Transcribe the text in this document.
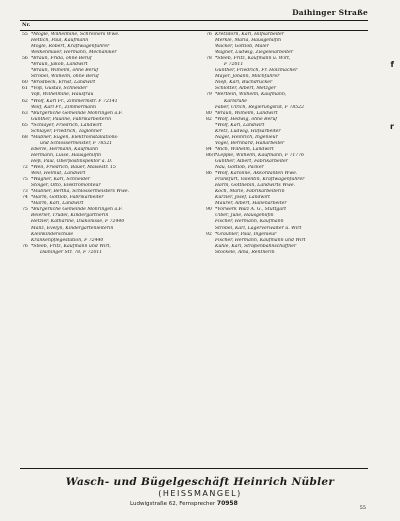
Daihinger Straße
Nr.
55 *Mögle, Wilhelmine, Schreiners Wwe.
Hettich, Paul, Kaufmann
Mögle, Robert, Kraftwagenführer
Welkenmaier, Hermann, Mechaniker
56 *Braun, Frida, ohne Beruf
*Braun, Jakob, Landwirt
*Braun, Wilhelm, ohne Beruf
Strobel, Wilhelm, ohne Beruf
60 *Brodbeck, Ernst, Landwirt
61 *Voß, Gustav, Schneider
Voß, Wilhelmine, Hausfrau
62 *Wolf, Karl Fr., Zimmermstr. F 72141
Wolf, Karl Fr., Zimmermann
63 *Bürgerliche Gemeinde Möhringen a.F.
Günther, Pauline, Fabrikarbeiterin
65 *Schlayer, Friedrich, Landwirt
Schlayer, Friedrich, Taglöhner
68 *Hübner, Eugen, Elektroinstallations-
und Schlossermeister, F 78521
Eberle, Hermann, Kaufmann
Hermann, Luise, Hausgehilfin
Heß, Paul, Oberpostinspektor a. D.
72 *Weil, Friedrich, Bauer, Maisestr. 15
Weil, Helmut, Landwirt
75 *Wagner, Karl, Schneider
Stoiger, Otto, Elektromonteur
73 *Hübner, Bertha, Schlossermeisters Wwe.
74 *Harm, Gottlob, Fabrikarbeiter
*Harm, Karl, Landwirt
75 *Bürgerliche Gemeinde Möhringen a.F.
Beierler, Trudel, Kindergärtnerin
Hetzler, Katharine, Diakonisse, F 72440
Manz, Evelyn, Kindergartenleiterin
Kleinkinderschule
Krankenpflegestation, F 72440
76 *Steeb, Fritz, Kaufmann und Wirt,
Daihinger Str. 78, F 72011
76 Kretzdorn, Karl, Hilfsarbeiter
Merkle, Maria, Hausgehilfin
Wacker, Gottlob, Maler
Wagner, Ludwig, Ziegeleiarbeiter
78 *Steeb, Fritz, Kaufmann u. Wirt,
F 72011
Günther, Friedrich, Fr. Holzmacher
Mayer, Johann, Milchführer
Nieß, Karl, Buchdrucker
Schlotter, Albert, Metzger
79 *Bertlein, Wilhelm, Kaufmann,
Karlsruhe
Faber, Ulrich, Regierungsrat, F 78522
80 *Braun, Wilhelm, Landwirt
82 *Wolf, Hedwig, ohne Beruf
*Wolf, Karl, Landwirt
Kretz, Ludwig, Hilfsarbeiter
Nagel, Heinrich, Ingenieur
Vogel, Bernhard, Hallarbeiter
84 *Rich, Wilhelm, Landwirt
86/1*Lepple, Wilhelm, Kaufmann, F 71776
Günther, Albert, Fabrikarbeiter
Nau, Gottlob, Packer
86 *Wolf, Karoline, Akkordanten Wwe.
Frankfurt, Valentin, Kraftwagenführer
Harm, Gottliebin, Landwirts Wwe.
Koch, Marie, Fabrikarbeiterin
Kurzler, Josef, Landwirt
Maurer, Albert, Hallenarbeiter
90 *Vorwerk Walz A. G., Stuttgart
Ulber, Julie, Hausgehilfin
Fischer, Hermann, Kaufmann
Strobel, Karl, Lagerverwalter u. Wirt
92 *Grauhler, Paul, Ingenieur
Fischer, Hermann, Kaufmann und Wirt
Kühle, Karl, Straßenbahnschaffner
Stockele, Alna, Rentnerin
f
r
Wasch- und Bügelgeschäft Heinrich Nübler
(HEISSMANGEL)
Ludwigstraße 62, Fernsprecher 70958
55
